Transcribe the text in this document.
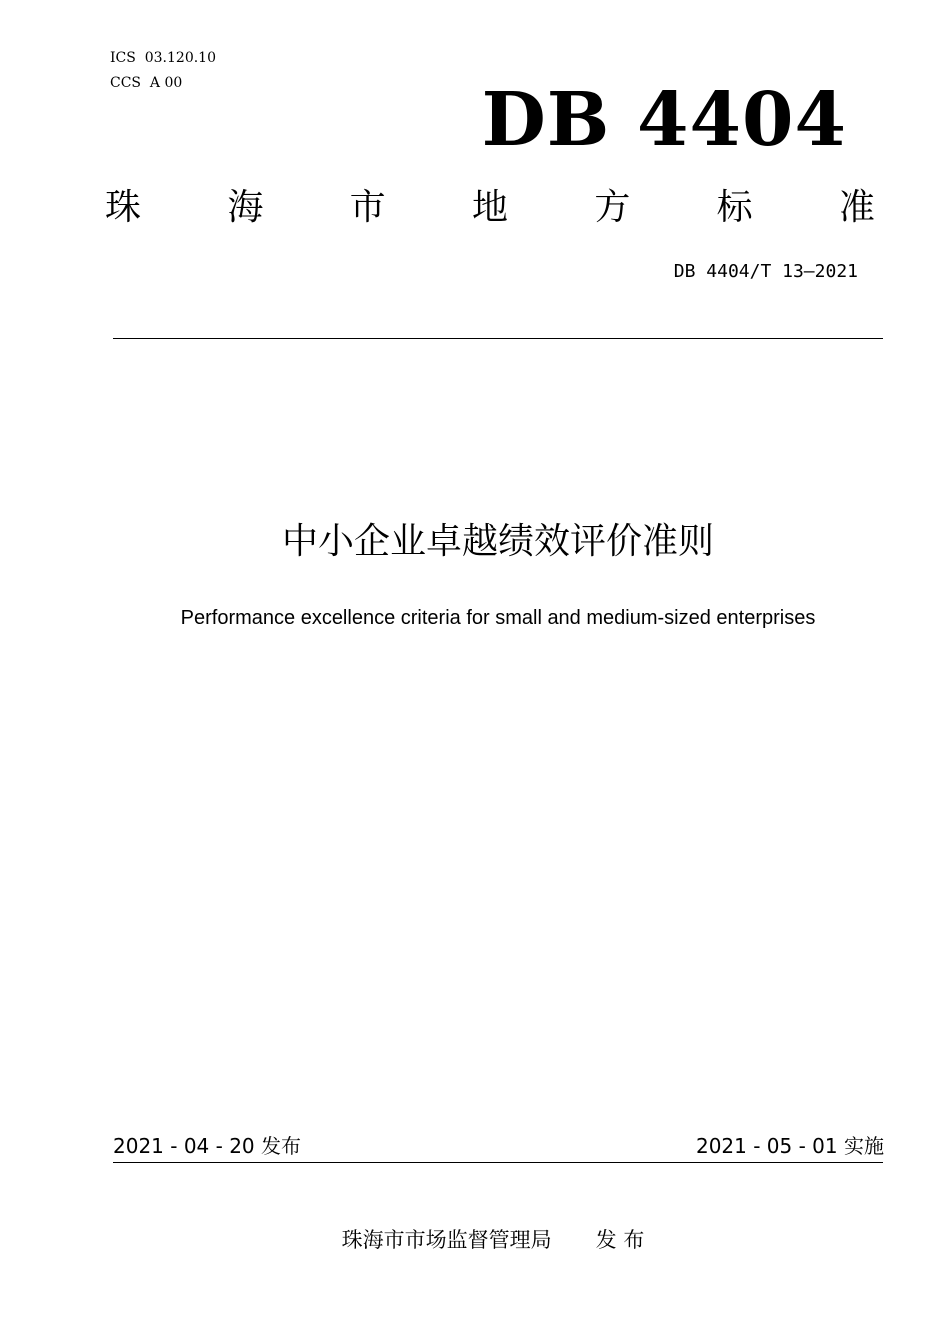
ICS  03.120.10
CCS  A 00	DB 4404
珠 海 市 地 方 标 准
DB 4404/T 13—2021
中小企业卓越绩效评价准则
Performance excellence criteria for small and medium-sized enterprises
2021 - 04 - 20 发布	2021 - 05 - 01 实施
珠海市市场监督管理局 发 布
